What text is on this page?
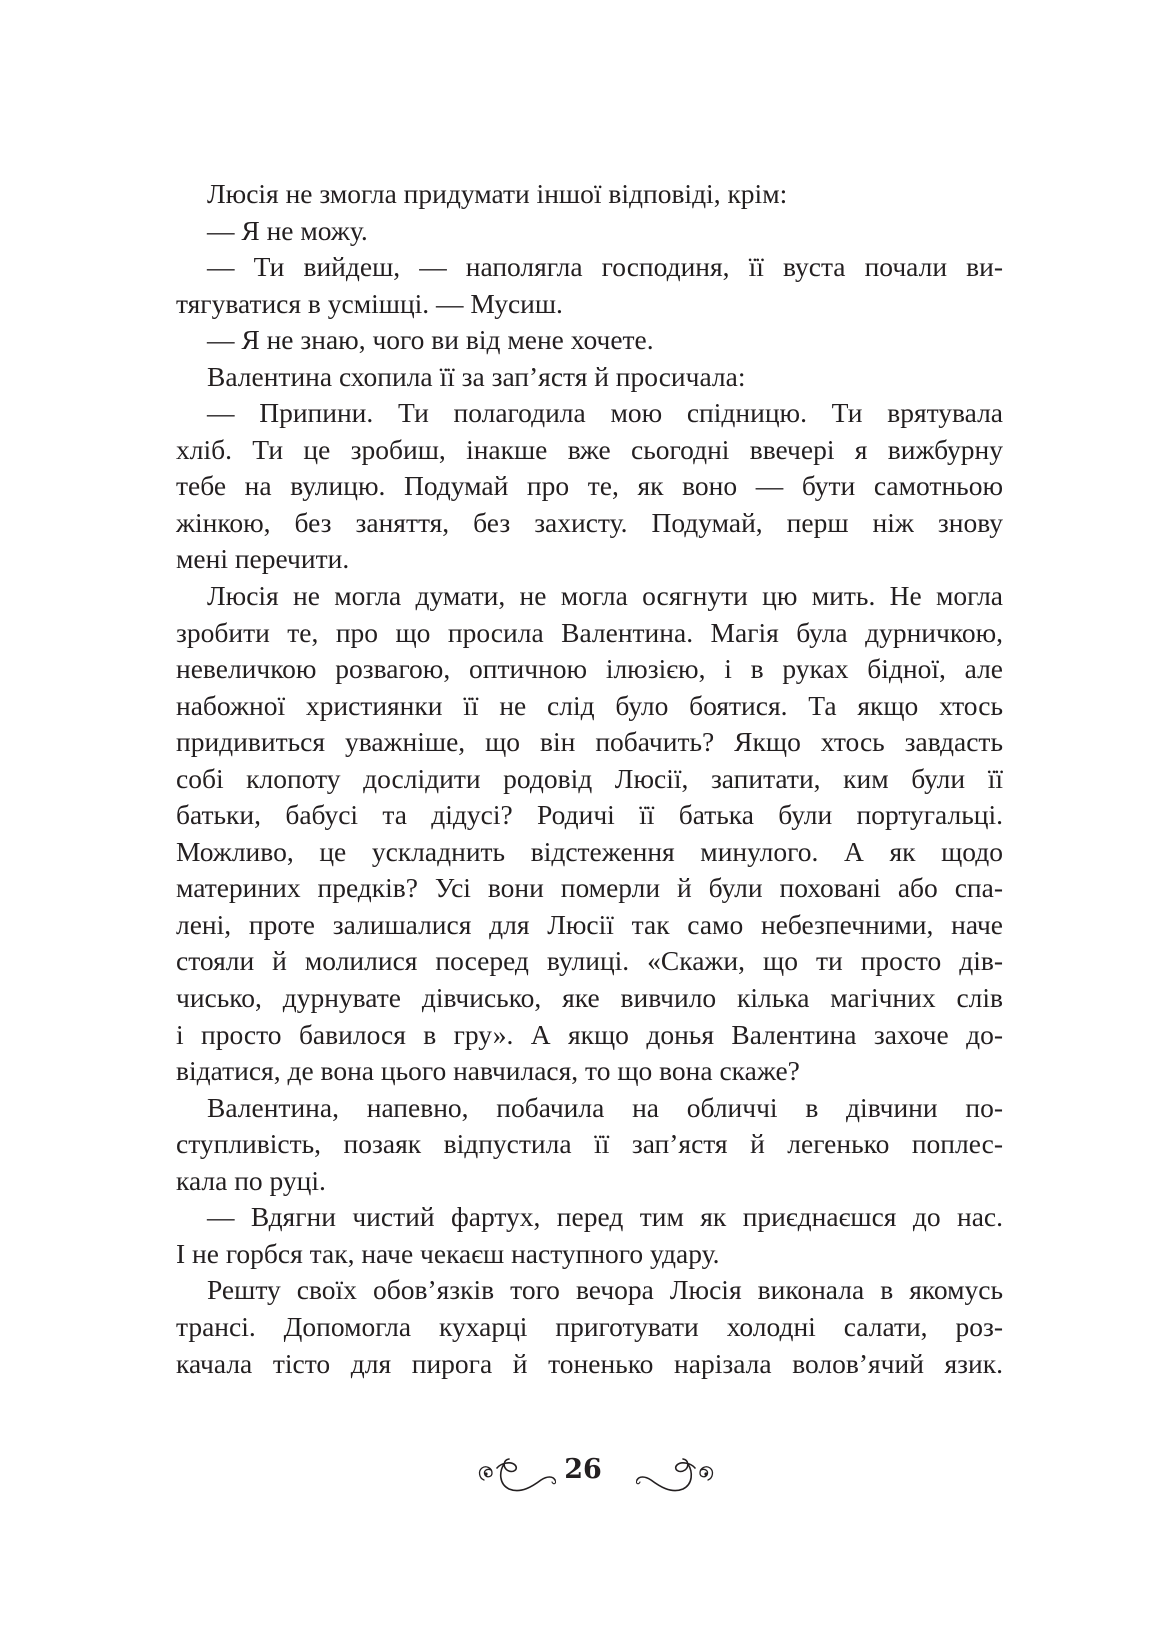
Люсія не змогла придумати іншої відповіді, крім:
— Я не можу.
— Ти вийдеш, — наполягла господиня, її вуста почали ви-
тягуватися в усмішці. — Мусиш.
— Я не знаю, чого ви від мене хочете.
Валентина схопила її за зап’ястя й просичала:
— Припини. Ти полагодила мою спідницю. Ти врятувала
хліб. Ти це зробиш, інакше вже сьогодні ввечері я вижбурну
тебе на вулицю. Подумай про те, як воно — бути самотньою
жінкою, без заняття, без захисту. Подумай, перш ніж знову
мені перечити.
Люсія не могла думати, не могла осягнути цю мить. Не могла
зробити те, про що просила Валентина. Магія була дурничкою,
невеличкою розвагою, оптичною ілюзією, і в руках бідної, але
набожної християнки її не слід було боятися. Та якщо хтось
придивиться уважніше, що він побачить? Якщо хтось завдасть
собі клопоту дослідити родовід Люсії, запитати, ким були її
батьки, бабусі та дідусі? Родичі її батька були португальці.
Можливо, це ускладнить відстеження минулого. А як щодо
материних предків? Усі вони померли й були поховані або спа-
лені, проте залишалися для Люсії так само небезпечними, наче
стояли й молилися посеред вулиці. «Скажи, що ти просто дів-
чисько, дурнувате дівчисько, яке вивчило кілька магічних слів
і просто бавилося в гру». А якщо донья Валентина захоче до-
відатися, де вона цього навчилася, то що вона скаже?
Валентина, напевно, побачила на обличчі в дівчини по-
ступливість, позаяк відпустила її зап’ястя й легенько поплес-
кала по руці.
— Вдягни чистий фартух, перед тим як приєднаєшся до нас.
І не горбся так, наче чекаєш наступного удару.
Решту своїх обов’язків того вечора Люсія виконала в якомусь
трансі. Допомогла кухарці приготувати холодні салати, роз-
качала тісто для пирога й тоненько нарізала волов’ячий язик.
26
